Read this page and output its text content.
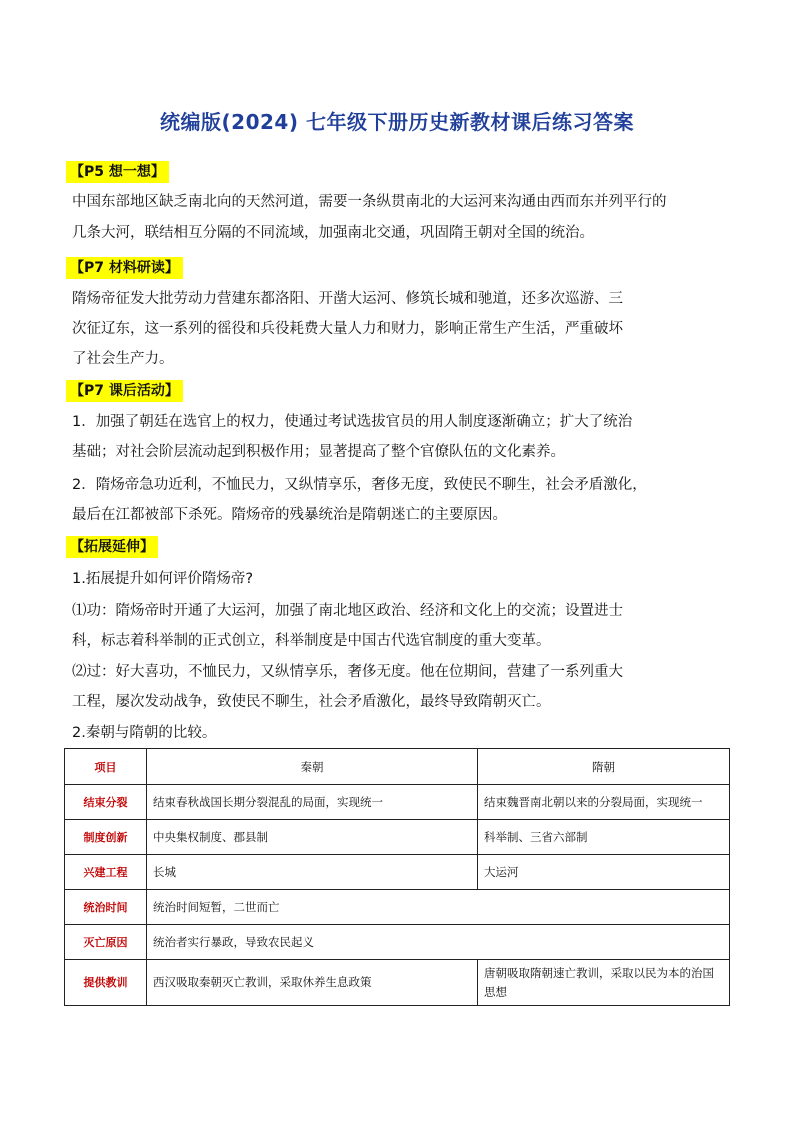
统编版(2024) 七年级下册历史新教材课后练习答案
【P5 想一想】
中国东部地区缺乏南北向的天然河道，需要一条纵贯南北的大运河来沟通由西而东并列平行的
几条大河，联结相互分隔的不同流域，加强南北交通，巩固隋王朝对全国的统治。
【P7 材料研读】
隋炀帝征发大批劳动力营建东都洛阳、开凿大运河、修筑长城和驰道，还多次巡游、三
次征辽东，这一系列的徭役和兵役耗费大量人力和财力，影响正常生产生活，严重破坏
了社会生产力。
【P7 课后活动】
1．加强了朝廷在选官上的权力，使通过考试选拔官员的用人制度逐渐确立；扩大了统治
基础；对社会阶层流动起到积极作用；显著提高了整个官僚队伍的文化素养。
2．隋炀帝急功近利，不恤民力，又纵情享乐，奢侈无度，致使民不聊生，社会矛盾激化，
最后在江都被部下杀死。隋炀帝的残暴统治是隋朝迷亡的主要原因。
【拓展延伸】
1.拓展提升如何评价隋炀帝?
⑴功：隋炀帝时开通了大运河，加强了南北地区政治、经济和文化上的交流；设置进士
科，标志着科举制的正式创立，科举制度是中国古代选官制度的重大变革。
⑵过：好大喜功，不恤民力，又纵情享乐，奢侈无度。他在位期间，营建了一系列重大
工程，屡次发动战争，致使民不聊生，社会矛盾激化，最终导致隋朝灭亡。
2.秦朝与隋朝的比较。
项目	秦朝	隋朝
结束分裂	结束春秋战国长期分裂混乱的局面，实现统一	结束魏晋南北朝以来的分裂局面，实现统一
制度创新	中央集权制度、郡县制	科举制、三省六部制
兴建工程	长城	大运河
统治时间	统治时间短暂，二世而亡	
灭亡原因	统治者实行暴政，导致农民起义	
提供教训	西汉吸取秦朝灭亡教训，采取休养生息政策	唐朝吸取隋朝速亡教训，采取以民为本的治国思想
